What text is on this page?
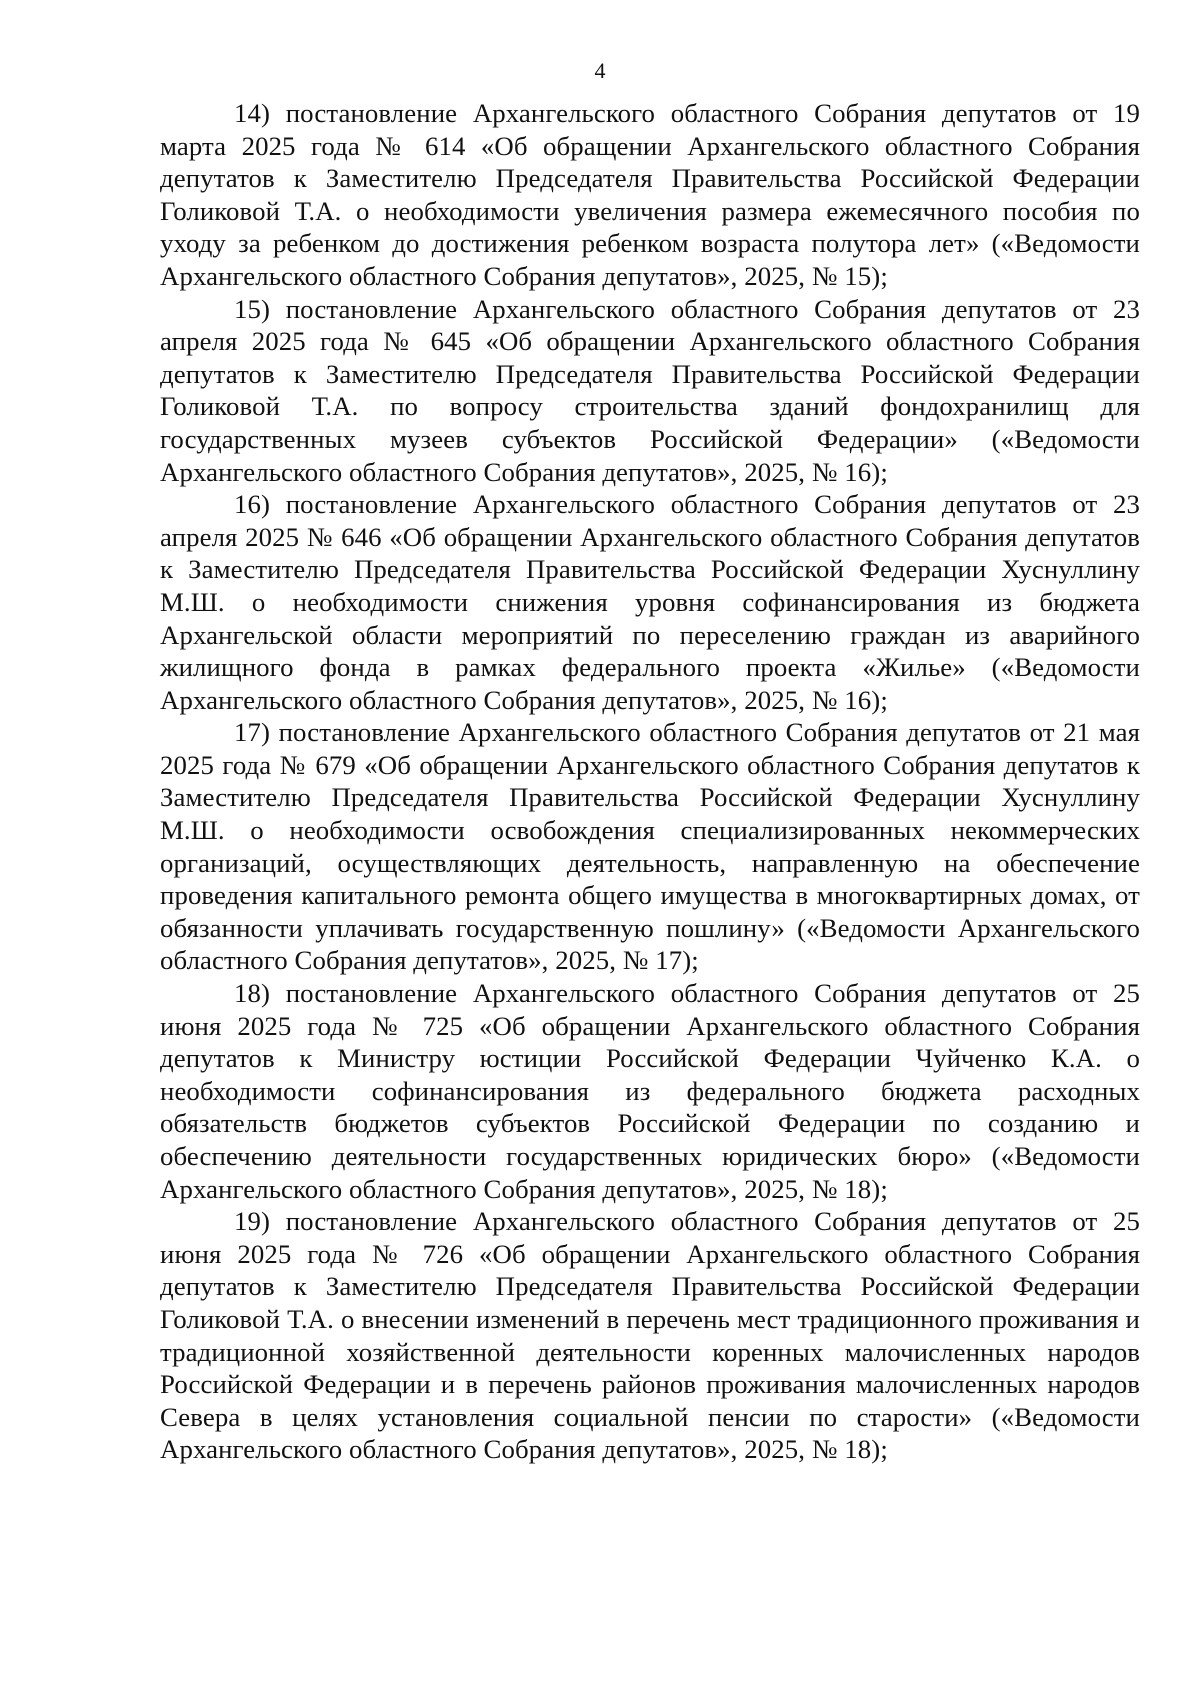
4

14) постановление Архангельского областного Собрания депутатов от 19 марта 2025 года № 614 «Об обращении Архангельского областного Собрания депутатов к Заместителю Председателя Правительства Российской Федерации Голиковой Т.А. о необходимости увеличения размера ежемесячного пособия по уходу за ребенком до достижения ребенком возраста полутора лет» («Ведомости Архангельского областного Собрания депутатов», 2025, № 15);

15) постановление Архангельского областного Собрания депутатов от 23 апреля 2025 года № 645 «Об обращении Архангельского областного Собрания депутатов к Заместителю Председателя Правительства Российской Федерации Голиковой Т.А. по вопросу строительства зданий фондохранилищ для государственных музеев субъектов Российской Федерации» («Ведомости Архангельского областного Собрания депутатов», 2025, № 16);

16) постановление Архангельского областного Собрания депутатов от 23 апреля 2025 № 646 «Об обращении Архангельского областного Собрания депутатов к Заместителю Председателя Правительства Российской Федерации Хуснуллину М.Ш. о необходимости снижения уровня софинансирования из бюджета Архангельской области мероприятий по переселению граждан из аварийного жилищного фонда в рамках федерального проекта «Жилье» («Ведомости Архангельского областного Собрания депутатов», 2025, № 16);

17) постановление Архангельского областного Собрания депутатов от 21 мая 2025 года № 679 «Об обращении Архангельского областного Собрания депутатов к Заместителю Председателя Правительства Российской Федерации Хуснуллину М.Ш. о необходимости освобождения специализированных некоммерческих организаций, осуществляющих деятельность, направленную на обеспечение проведения капитального ремонта общего имущества в многоквартирных домах, от обязанности уплачивать государственную пошлину» («Ведомости Архангельского областного Собрания депутатов», 2025, № 17);

18) постановление Архангельского областного Собрания депутатов от 25 июня 2025 года № 725 «Об обращении Архангельского областного Собрания депутатов к Министру юстиции Российской Федерации Чуйченко К.А. о необходимости софинансирования из федерального бюджета расходных обязательств бюджетов субъектов Российской Федерации по созданию и обеспечению деятельности государственных юридических бюро» («Ведомости Архангельского областного Собрания депутатов», 2025, № 18);

19) постановление Архангельского областного Собрания депутатов от 25 июня 2025 года № 726 «Об обращении Архангельского областного Собрания депутатов к Заместителю Председателя Правительства Российской Федерации Голиковой Т.А. о внесении изменений в перечень мест традиционного проживания и традиционной хозяйственной деятельности коренных малочисленных народов Российской Федерации и в перечень районов проживания малочисленных народов Севера в целях установления социальной пенсии по старости» («Ведомости Архангельского областного Собрания депутатов», 2025, № 18);
